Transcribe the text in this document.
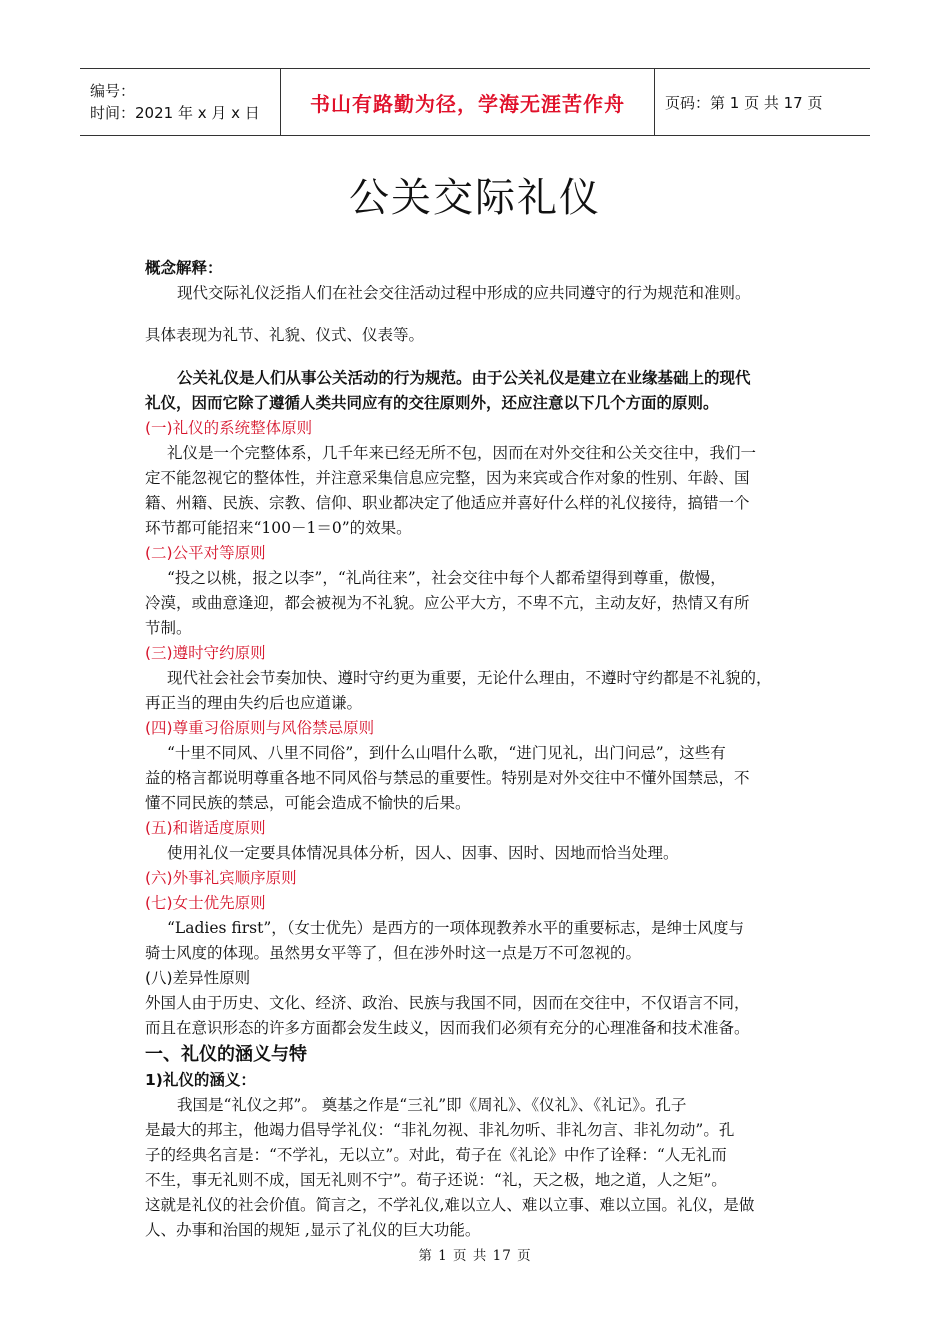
编号：
时间：2021 年 x 月 x 日	书山有路勤为径，学海无涯苦作舟	页码：第 1 页 共 17 页
公关交际礼仪
概念解释：
现代交际礼仪泛指人们在社会交往活动过程中形成的应共同遵守的行为规范和准则。
具体表现为礼节、礼貌、仪式、仪表等。
公关礼仪是人们从事公关活动的行为规范。由于公关礼仪是建立在业缘基础上的现代
礼仪，因而它除了遵循人类共同应有的交往原则外，还应注意以下几个方面的原则。
(一)礼仪的系统整体原则
礼仪是一个完整体系，几千年来已经无所不包，因而在对外交往和公关交往中，我们一
定不能忽视它的整体性，并注意采集信息应完整，因为来宾或合作对象的性别、年龄、国
籍、州籍、民族、宗教、信仰、职业都决定了他适应并喜好什么样的礼仪接待，搞错一个
环节都可能招来“100－1＝0”的效果。
(二)公平对等原则
“投之以桃，报之以李”，“礼尚往来”，社会交往中每个人都希望得到尊重，傲慢，
冷漠，或曲意逢迎，都会被视为不礼貌。应公平大方，不卑不亢，主动友好，热情又有所
节制。
(三)遵时守约原则
现代社会社会节奏加快、遵时守约更为重要，无论什么理由，不遵时守约都是不礼貌的，
再正当的理由失约后也应道谦。
(四)尊重习俗原则与风俗禁忌原则
“十里不同风、八里不同俗”，到什么山唱什么歌，“进门见礼，出门问忌”，这些有
益的格言都说明尊重各地不同风俗与禁忌的重要性。特别是对外交往中不懂外国禁忌，不
懂不同民族的禁忌，可能会造成不愉快的后果。
(五)和谐适度原则
使用礼仪一定要具体情况具体分析，因人、因事、因时、因地而恰当处理。
(六)外事礼宾顺序原则
(七)女士优先原则
“Ladies first”，（女士优先）是西方的一项体现教养水平的重要标志，是绅士风度与
骑士风度的体现。虽然男女平等了，但在涉外时这一点是万不可忽视的。
(八)差异性原则
外国人由于历史、文化、经济、政治、民族与我国不同，因而在交往中，不仅语言不同，
而且在意识形态的许多方面都会发生歧义，因而我们必须有充分的心理准备和技术准备。
一、礼仪的涵义与特
1)礼仪的涵义：
我国是“礼仪之邦”。 奠基之作是“三礼”即《周礼》、《仪礼》、《礼记》。孔子
是最大的邦主，他竭力倡导学礼仪：“非礼勿视、非礼勿听、非礼勿言、非礼勿动”。孔
子的经典名言是：“不学礼，无以立”。对此，荀子在《礼论》中作了诠释：“人无礼而
不生，事无礼则不成，国无礼则不宁”。荀子还说：“礼，天之极，地之道，人之矩”。
这就是礼仪的社会价值。简言之，不学礼仪,难以立人、难以立事、难以立国。礼仪，是做
人、办事和治国的规矩 ,显示了礼仪的巨大功能。
第 1 页 共 17 页
